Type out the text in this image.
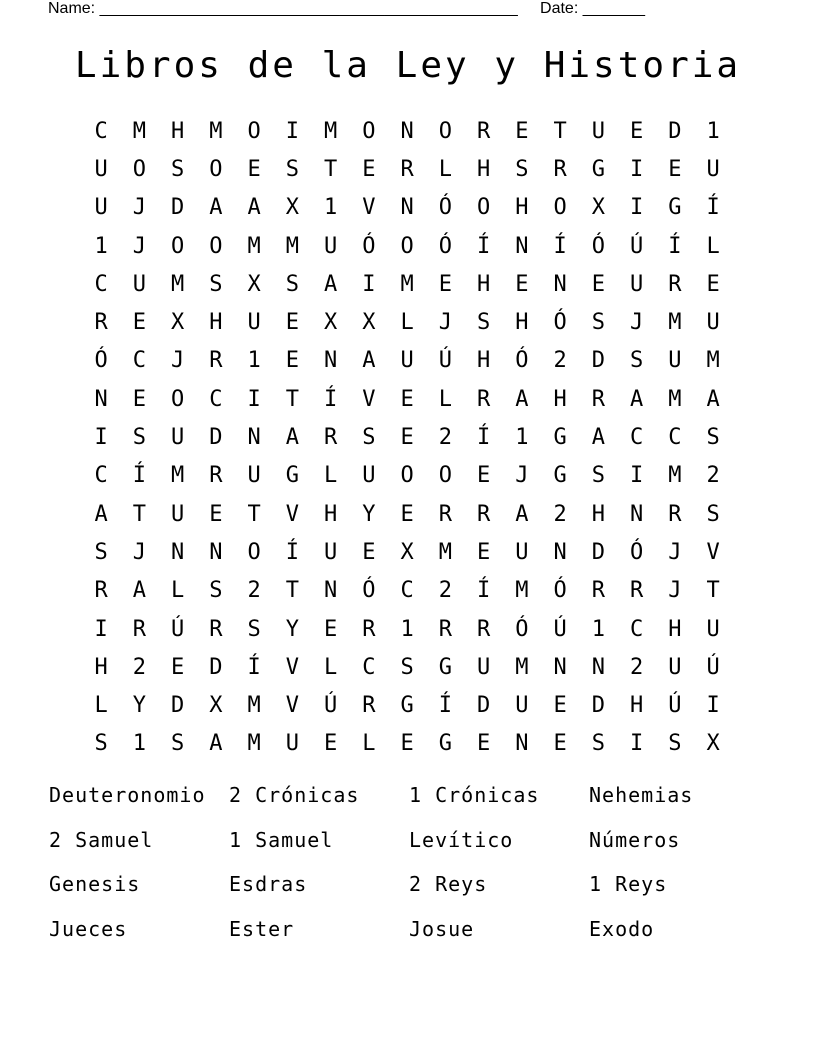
Name: _______________________________________________     Date: _______
Libros de la Ley y Historia
C	M	H	M	O	I	M	O	N	O	R	E	T	U	E	D	1
U	O	S	O	E	S	T	E	R	L	H	S	R	G	I	E	U
U	J	D	A	A	X	1	V	N	Ó	O	H	O	X	I	G	Í
1	J	O	O	M	M	U	Ó	O	Ó	Í	N	Í	Ó	Ú	Í	L
C	U	M	S	X	S	A	I	M	E	H	E	N	E	U	R	E
R	E	X	H	U	E	X	X	L	J	S	H	Ó	S	J	M	U
Ó	C	J	R	1	E	N	A	U	Ú	H	Ó	2	D	S	U	M
N	E	O	C	I	T	Í	V	E	L	R	A	H	R	A	M	A
I	S	U	D	N	A	R	S	E	2	Í	1	G	A	C	C	S
C	Í	M	R	U	G	L	U	O	O	E	J	G	S	I	M	2
A	T	U	E	T	V	H	Y	E	R	R	A	2	H	N	R	S
S	J	N	N	O	Í	U	E	X	M	E	U	N	D	Ó	J	V
R	A	L	S	2	T	N	Ó	C	2	Í	M	Ó	R	R	J	T
I	R	Ú	R	S	Y	E	R	1	R	R	Ó	Ú	1	C	H	U
H	2	E	D	Í	V	L	C	S	G	U	M	N	N	2	U	Ú
L	Y	D	X	M	V	Ú	R	G	Í	D	U	E	D	H	Ú	I
S	1	S	A	M	U	E	L	E	G	E	N	E	S	I	S	X
Deuteronomio	2 Crónicas	1 Crónicas	Nehemias
2 Samuel	1 Samuel	Levítico	Números
Genesis	Esdras	2 Reys	1 Reys
Jueces	Ester	Josue	Exodo
